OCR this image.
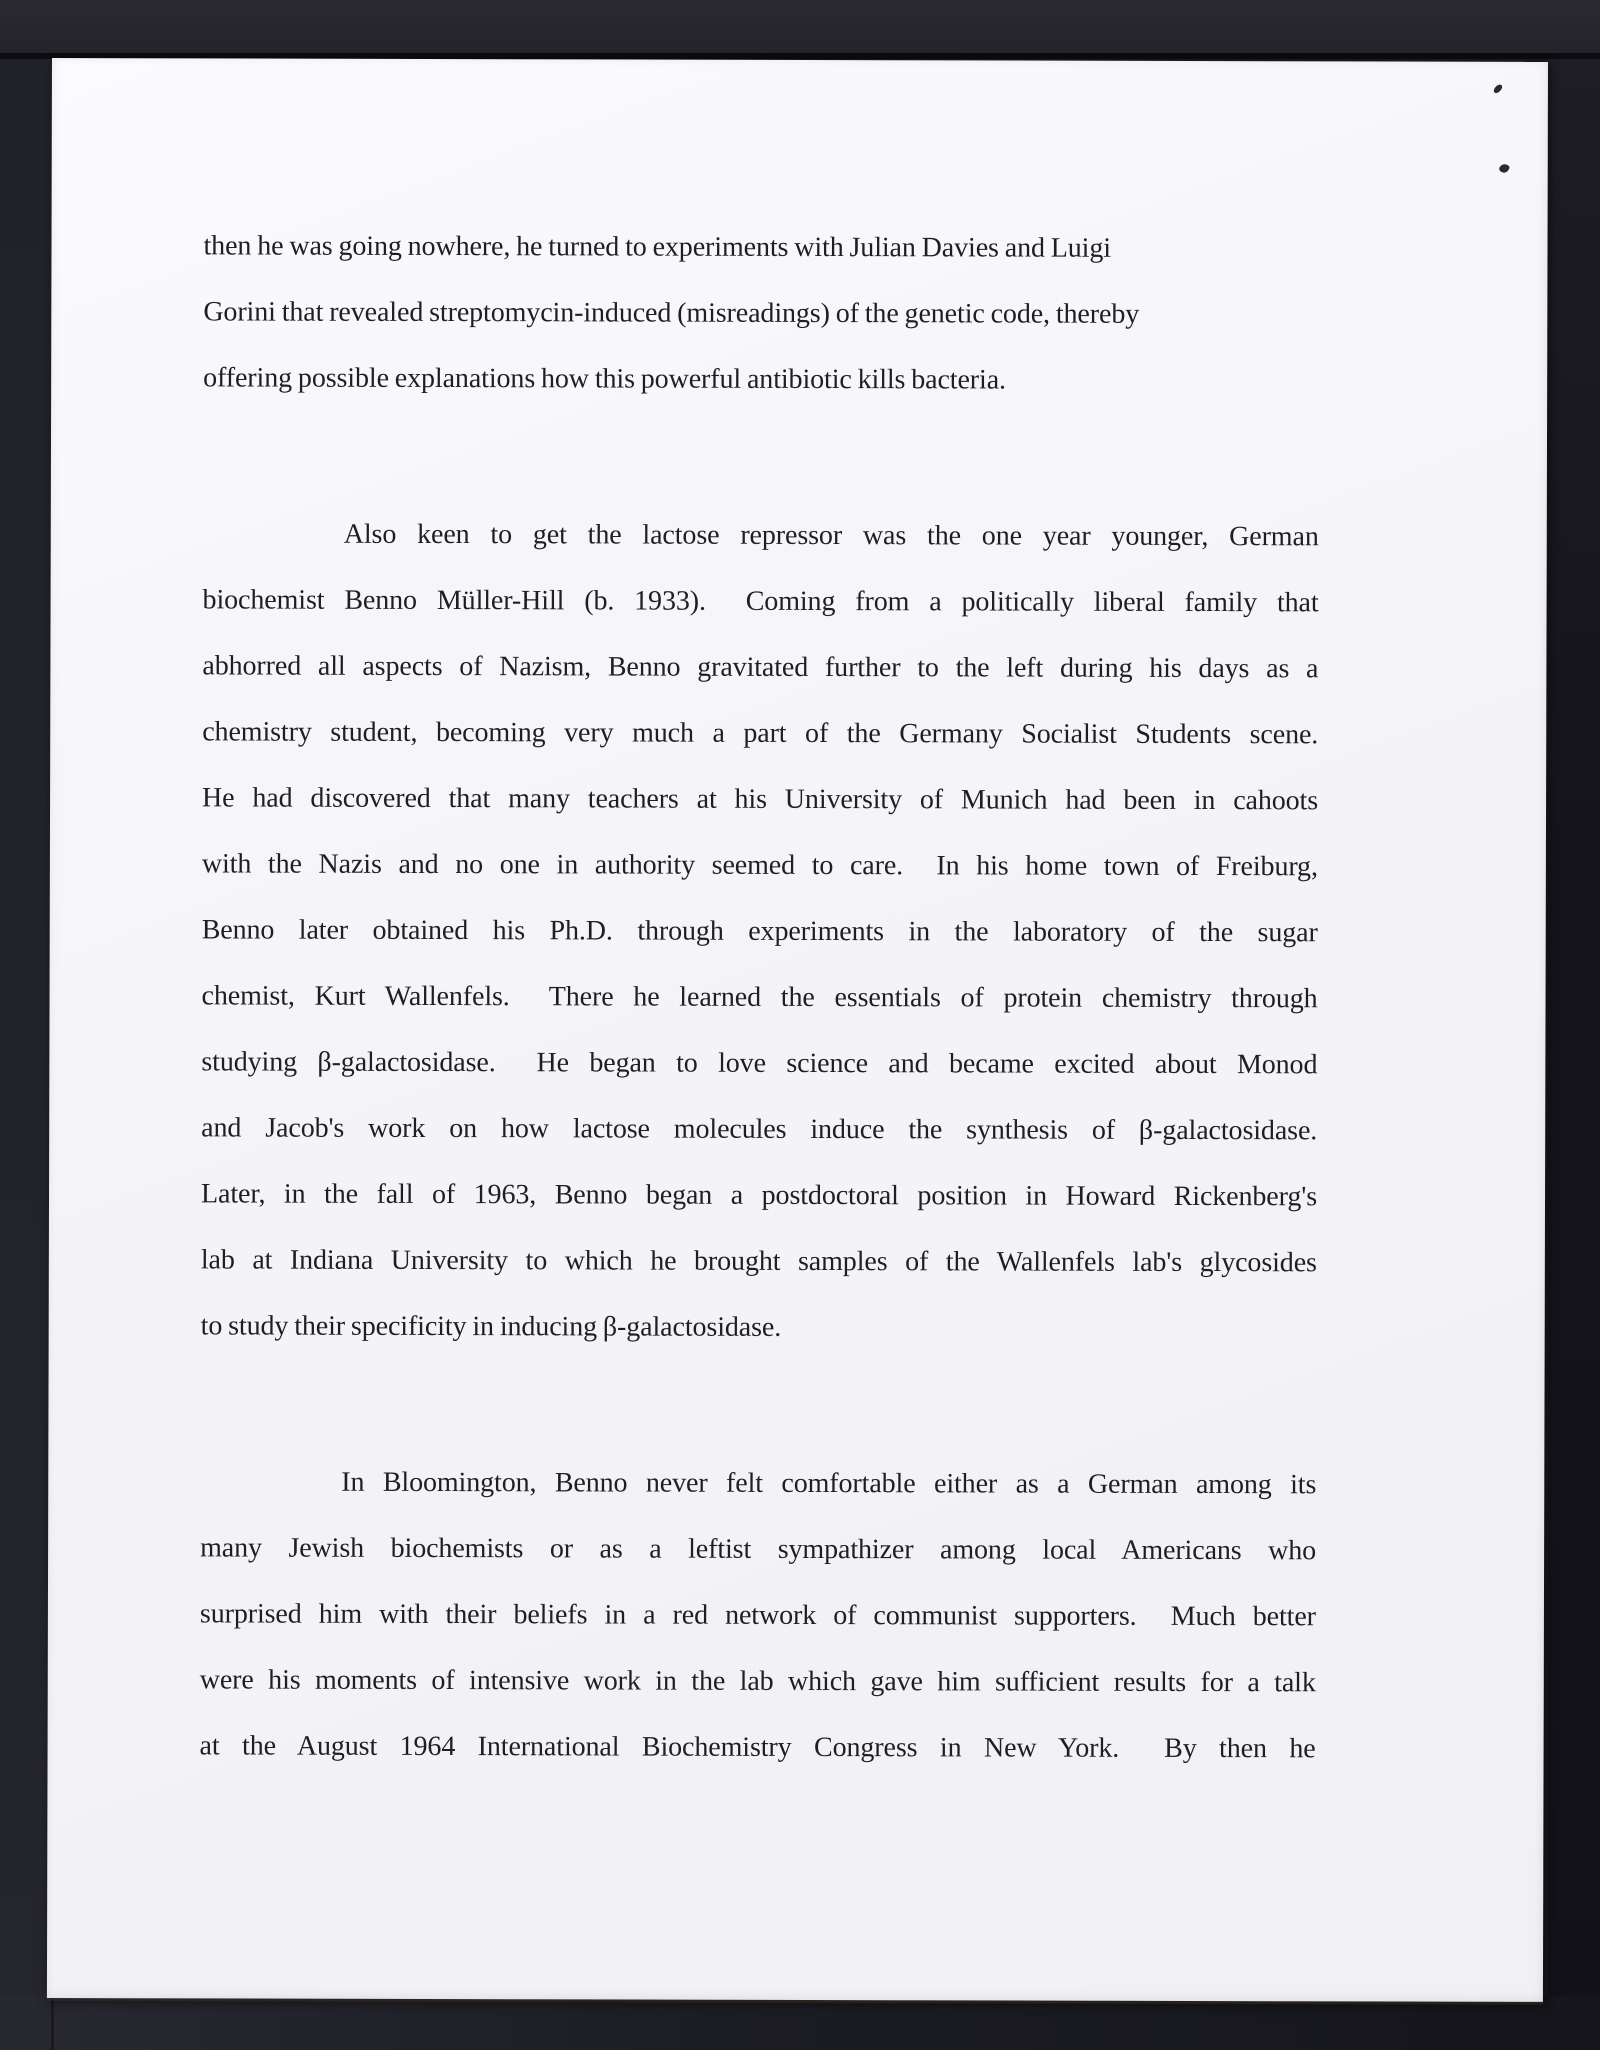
then he was going nowhere, he turned to experiments with Julian Davies and Luigi
Gorini that revealed streptomycin-induced (misreadings) of the genetic code, thereby
offering possible explanations how this powerful antibiotic kills bacteria.
Also keen to get the lactose repressor was the one year younger, German
biochemist Benno Müller-Hill (b. 1933).  Coming from a politically liberal family that
abhorred all aspects of Nazism, Benno gravitated further to the left during his days as a
chemistry student, becoming very much a part of the Germany Socialist Students scene.
He had discovered that many teachers at his University of Munich had been in cahoots
with the Nazis and no one in authority seemed to care.  In his home town of Freiburg,
Benno later obtained his Ph.D. through experiments in the laboratory of the sugar
chemist, Kurt Wallenfels.  There he learned the essentials of protein chemistry through
studying β-galactosidase.  He began to love science and became excited about Monod
and Jacob's work on how lactose molecules induce the synthesis of β-galactosidase.
Later, in the fall of 1963, Benno began a postdoctoral position in Howard Rickenberg's
lab at Indiana University to which he brought samples of the Wallenfels lab's glycosides
to study their specificity in inducing β-galactosidase.
In Bloomington, Benno never felt comfortable either as a German among its
many Jewish biochemists or as a leftist sympathizer among local Americans who
surprised him with their beliefs in a red network of communist supporters.  Much better
were his moments of intensive work in the lab which gave him sufficient results for a talk
at the August 1964 International Biochemistry Congress in New York.  By then he
